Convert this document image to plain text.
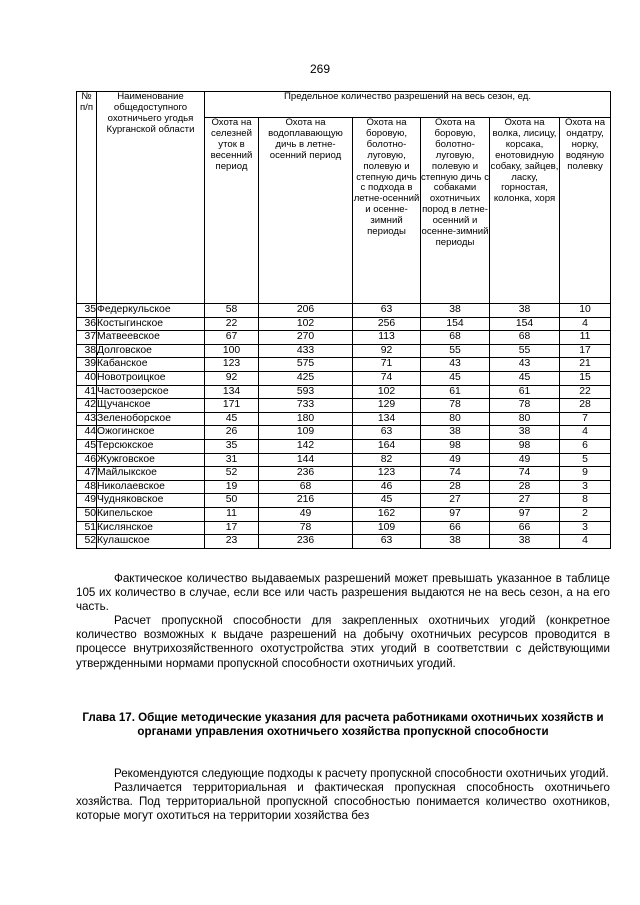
269
№ п/п	Наименование общедоступного охотничьего угодья Курганской области	Предельное количество разрешений на весь сезон, ед.					
		Охота на селезней уток в весенний период	Охота на водоплавающую дичь в летне-осенний период	Охота на боровую, болотно-луговую, полевую и степную дичь с подхода в летне-осенний и осенне-зимний периоды	Охота на боровую, болотно-луговую, полевую и степную дичь с собаками охотничьих пород в летне-осенний и осенне-зимний периоды	Охота на волка, лисицу, корсака, енотовидную собаку, зайцев, ласку, горностая, колонка, хоря	Охота на ондатру, норку, водяную полевку
35	Федеркульское	58	206	63	38	38	10
36	Костыгинское	22	102	256	154	154	4
37	Матвеевское	67	270	113	68	68	11
38	Долговское	100	433	92	55	55	17
39	Кабанское	123	575	71	43	43	21
40	Новотроицкое	92	425	74	45	45	15
41	Частоозерское	134	593	102	61	61	22
42	Щучанское	171	733	129	78	78	28
43	Зеленоборское	45	180	134	80	80	7
44	Ожогинское	26	109	63	38	38	4
45	Терсюкское	35	142	164	98	98	6
46	Жужговское	31	144	82	49	49	5
47	Майлыкское	52	236	123	74	74	9
48	Николаевское	19	68	46	28	28	3
49	Чудняковское	50	216	45	27	27	8
50	Кипельское	11	49	162	97	97	2
51	Кислянское	17	78	109	66	66	3
52	Кулашское	23	236	63	38	38	4

Фактическое количество выдаваемых разрешений может превышать указанное в таблице 105 их количество в случае, если все или часть разрешения выдаются не на весь сезон, а на его часть.

Расчет пропускной способности для закрепленных охотничьих угодий (конкретное количество возможных к выдаче разрешений на добычу охотничьих ресурсов проводится в процессе внутрихозяйственного охотустройства этих угодий в соответствии с действующими утвержденными нормами пропускной способности охотничьих угодий.

Глава 17. Общие методические указания для расчета работниками охотничьих хозяйств и органами управления охотничьего хозяйства пропускной способности

Рекомендуются следующие подходы к расчету пропускной способности охотничьих угодий.

Различается территориальная и фактическая пропускная способность охотничьего хозяйства. Под территориальной пропускной способностью понимается количество охотников, которые могут охотиться на территории хозяйства без
